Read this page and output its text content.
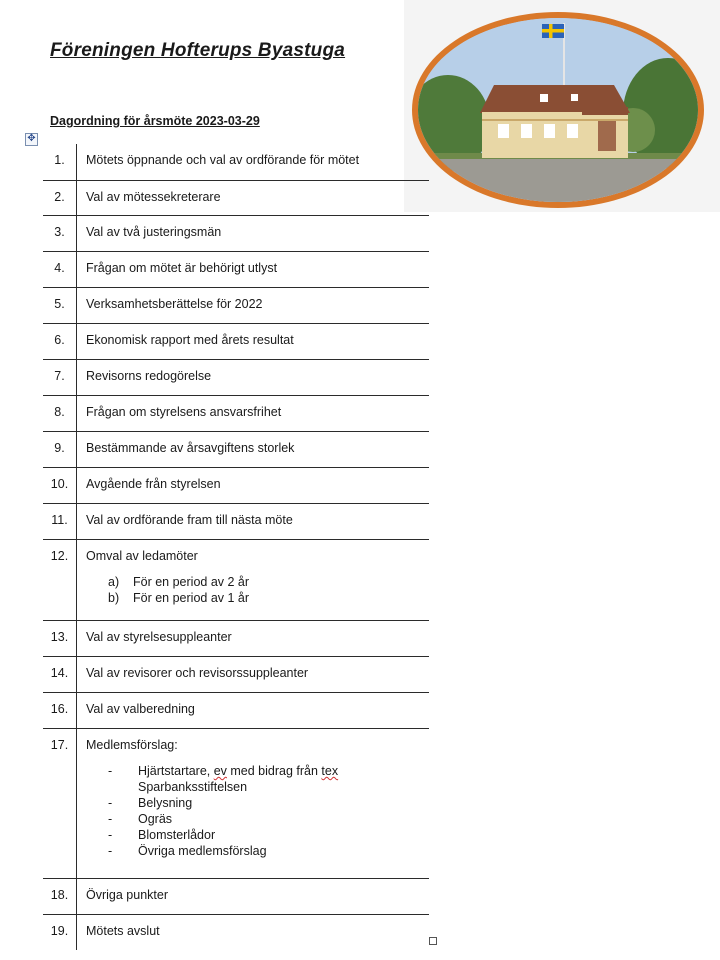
Föreningen Hofterups Byastuga
Dagordning för årsmöte 2023-03-29
✥
1.	Mötets öppnande och val av ordförande för mötet
2.	Val av mötessekreterare
3.	Val av två justeringsmän
4.	Frågan om mötet är behörigt utlyst
5.	Verksamhetsberättelse för 2022
6.	Ekonomisk rapport med årets resultat
7.	Revisorns redogörelse
8.	Frågan om styrelsens ansvarsfrihet
9.	Bestämmande av årsavgiftens storlek
10.	Avgående från styrelsen
11.	Val av ordförande fram till nästa möte
12.	Omval av ledamöter
a)	För en period av 2 år
b)	För en period av 1 år
13.	Val av styrelsesuppleanter
14.	Val av revisorer och revisorssuppleanter
16.	Val av valberedning
17.	Medlemsförslag:
-	Hjärtstartare, ev med bidrag från tex Sparbanksstiftelsen
-	Belysning
-	Ogräs
-	Blomsterlådor
-	Övriga medlemsförslag
18.	Övriga punkter
19.	Mötets avslut
